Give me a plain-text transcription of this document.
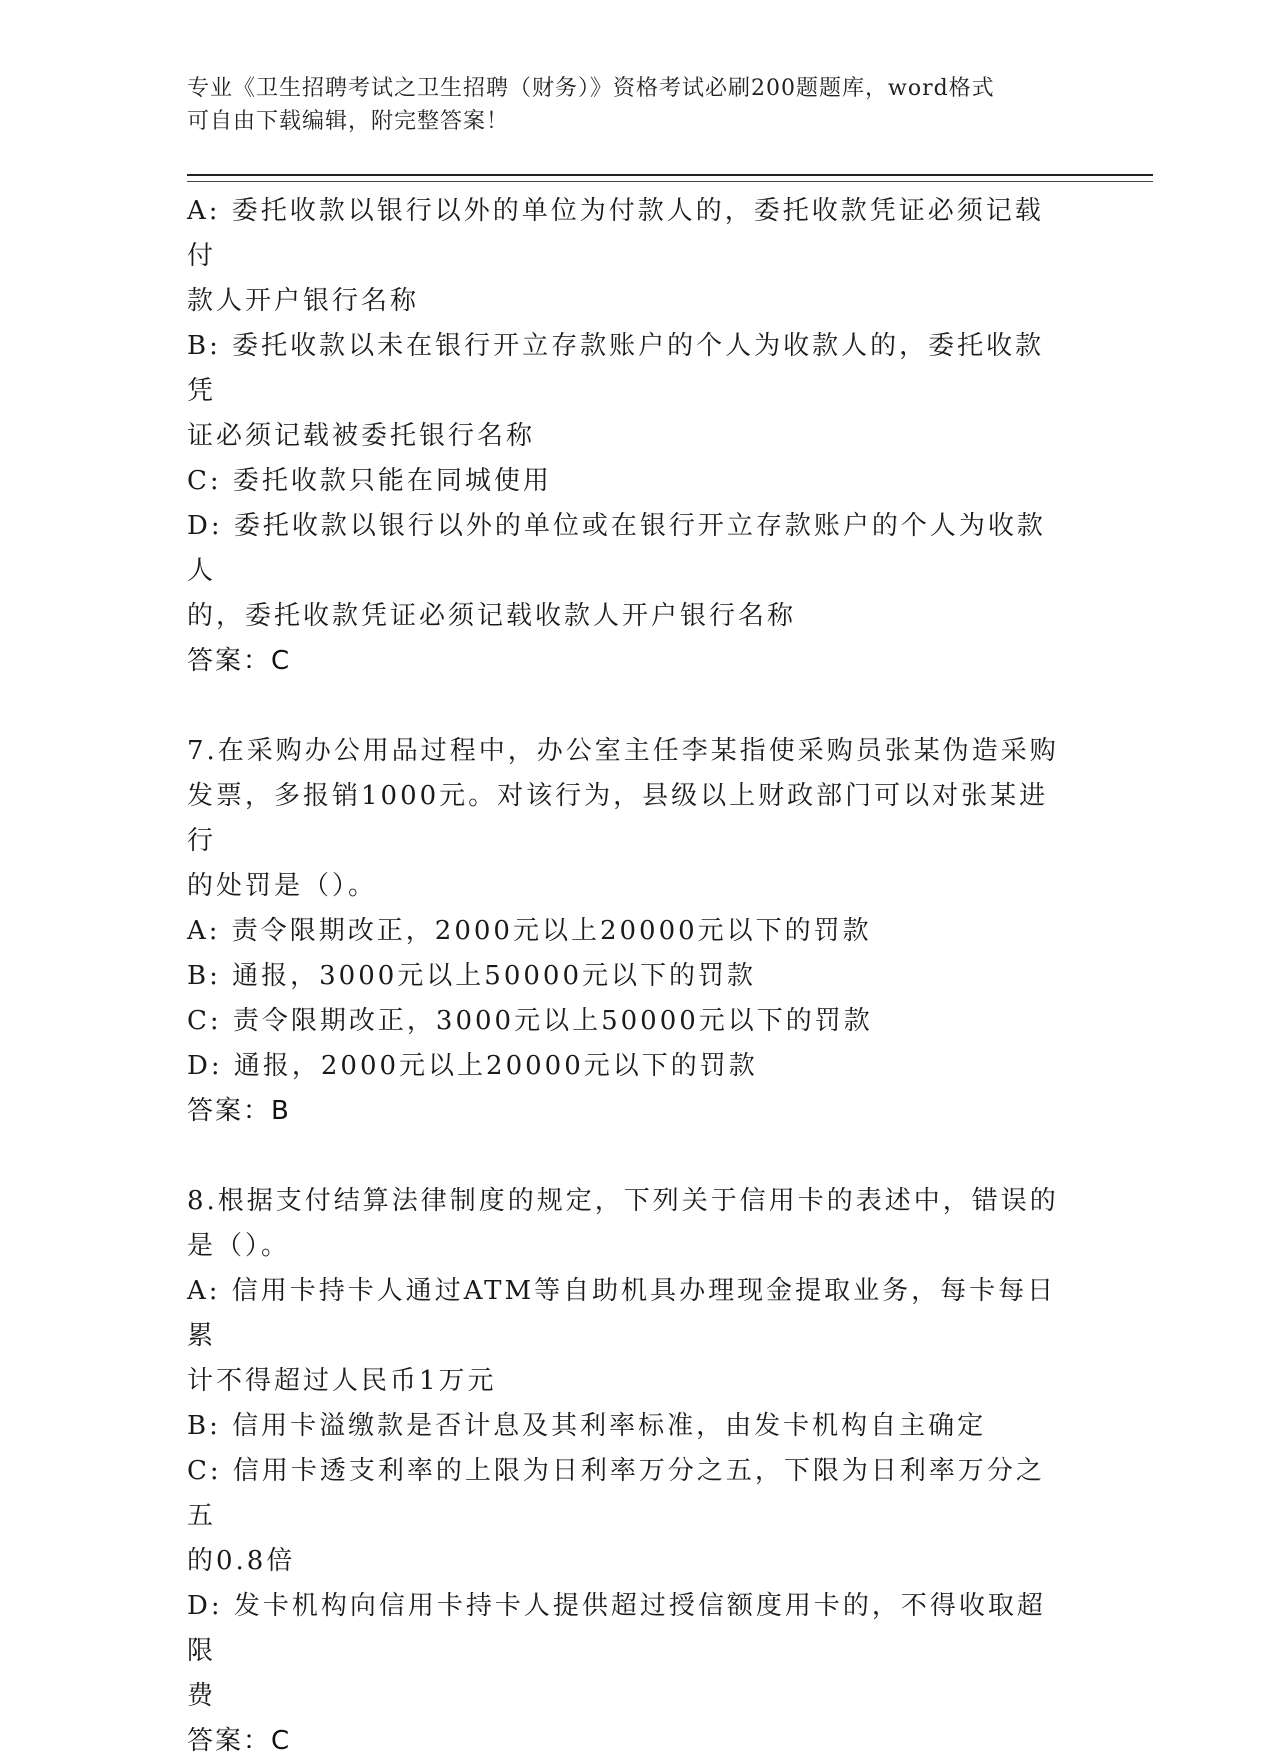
专业《卫生招聘考试之卫生招聘（财务）》资格考试必刷200题题库，word格式
可自由下载编辑，附完整答案！
A: 委托收款以银行以外的单位为付款人的，委托收款凭证必须记载付
款人开户银行名称
B: 委托收款以未在银行开立存款账户的个人为收款人的，委托收款凭
证必须记载被委托银行名称
C: 委托收款只能在同城使用
D: 委托收款以银行以外的单位或在银行开立存款账户的个人为收款人
的，委托收款凭证必须记载收款人开户银行名称
答案：C
7.在采购办公用品过程中，办公室主任李某指使采购员张某伪造采购
发票，多报销1000元。对该行为，县级以上财政部门可以对张某进行
的处罚是（）。
A: 责令限期改正，2000元以上20000元以下的罚款
B: 通报，3000元以上50000元以下的罚款
C: 责令限期改正，3000元以上50000元以下的罚款
D: 通报，2000元以上20000元以下的罚款
答案：B
8.根据支付结算法律制度的规定，下列关于信用卡的表述中，错误的
是（）。
A: 信用卡持卡人通过ATM等自助机具办理现金提取业务，每卡每日累
计不得超过人民币1万元
B: 信用卡溢缴款是否计息及其利率标准，由发卡机构自主确定
C: 信用卡透支利率的上限为日利率万分之五，下限为日利率万分之五
的0.8倍
D: 发卡机构向信用卡持卡人提供超过授信额度用卡的，不得收取超限
费
答案：C
